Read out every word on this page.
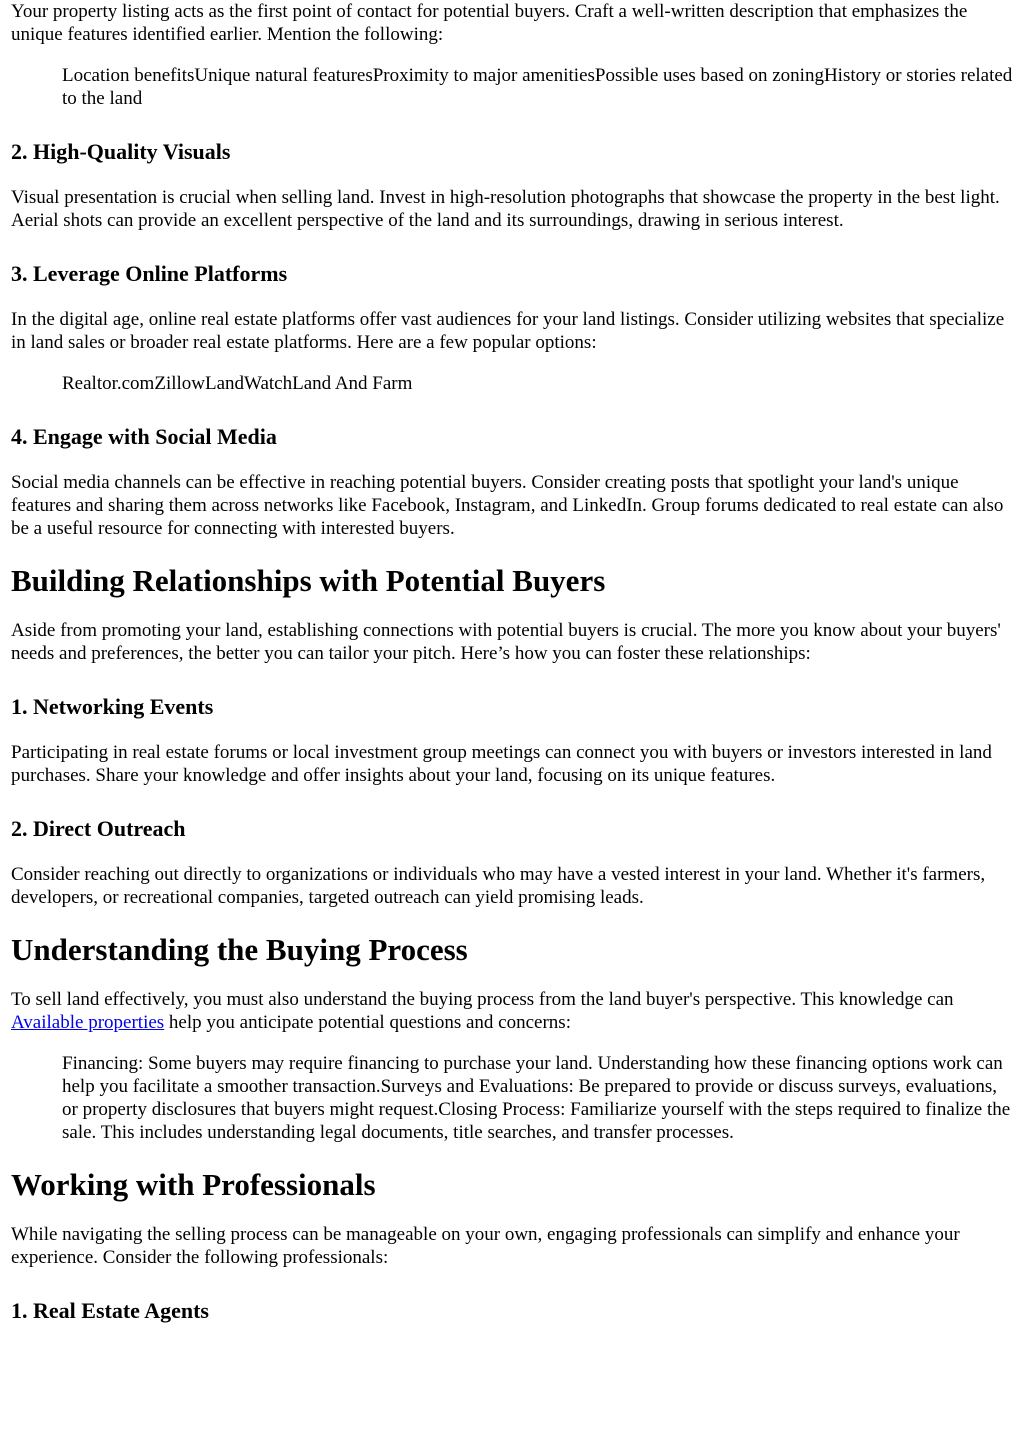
Your property listing acts as the first point of contact for potential buyers. Craft a well-written description that emphasizes the unique features identified earlier. Mention the following:

Location benefitsUnique natural featuresProximity to major amenitiesPossible uses based on zoningHistory or stories related to the land

2. High-Quality Visuals

Visual presentation is crucial when selling land. Invest in high-resolution photographs that showcase the property in the best light. Aerial shots can provide an excellent perspective of the land and its surroundings, drawing in serious interest.

3. Leverage Online Platforms

In the digital age, online real estate platforms offer vast audiences for your land listings. Consider utilizing websites that specialize in land sales or broader real estate platforms. Here are a few popular options:

Realtor.comZillowLandWatchLand And Farm

4. Engage with Social Media

Social media channels can be effective in reaching potential buyers. Consider creating posts that spotlight your land's unique features and sharing them across networks like Facebook, Instagram, and LinkedIn. Group forums dedicated to real estate can also be a useful resource for connecting with interested buyers.

Building Relationships with Potential Buyers

Aside from promoting your land, establishing connections with potential buyers is crucial. The more you know about your buyers' needs and preferences, the better you can tailor your pitch. Here’s how you can foster these relationships:

1. Networking Events

Participating in real estate forums or local investment group meetings can connect you with buyers or investors interested in land purchases. Share your knowledge and offer insights about your land, focusing on its unique features.

2. Direct Outreach

Consider reaching out directly to organizations or individuals who may have a vested interest in your land. Whether it's farmers, developers, or recreational companies, targeted outreach can yield promising leads.

Understanding the Buying Process

To sell land effectively, you must also understand the buying process from the land buyer's perspective. This knowledge can Available properties help you anticipate potential questions and concerns:

Financing: Some buyers may require financing to purchase your land. Understanding how these financing options work can help you facilitate a smoother transaction.Surveys and Evaluations: Be prepared to provide or discuss surveys, evaluations, or property disclosures that buyers might request.Closing Process: Familiarize yourself with the steps required to finalize the sale. This includes understanding legal documents, title searches, and transfer processes.

Working with Professionals

While navigating the selling process can be manageable on your own, engaging professionals can simplify and enhance your experience. Consider the following professionals:

1. Real Estate Agents
